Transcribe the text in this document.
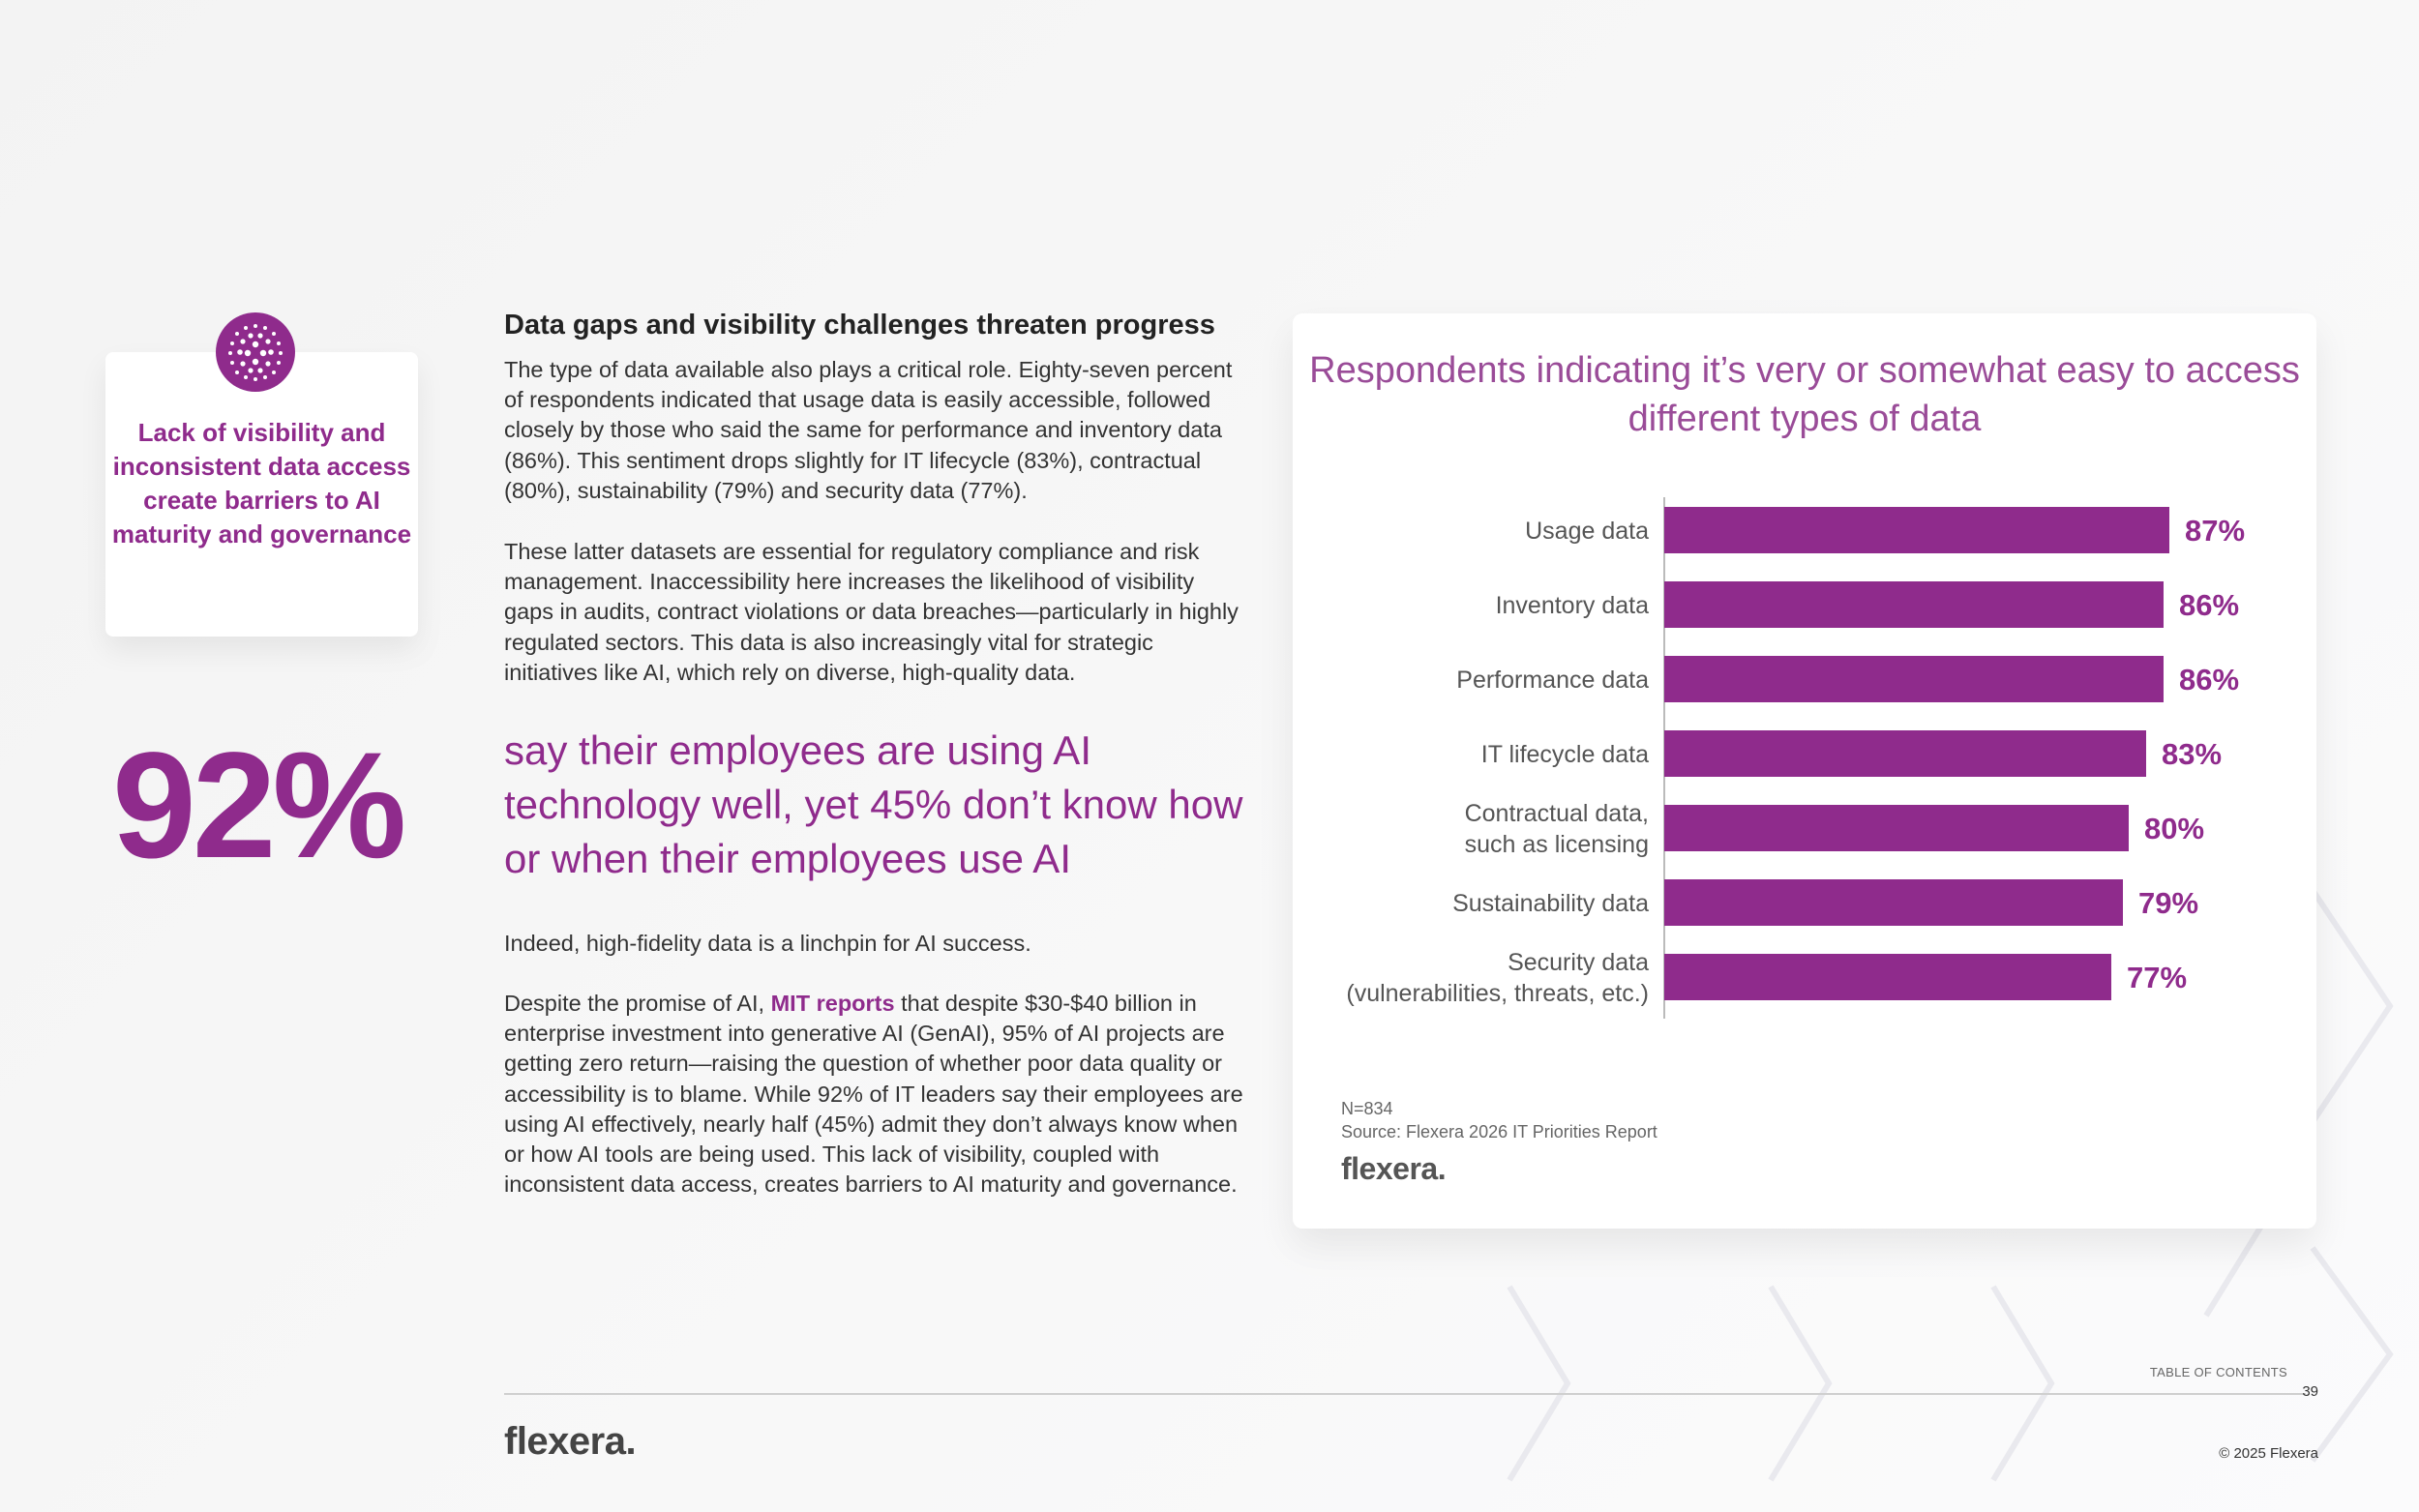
Lack of visibility and inconsistent data access create barriers to AI maturity and governance
92%
Data gaps and visibility challenges threaten progress

The type of data available also plays a critical role. Eighty-seven percent of respondents indicated that usage data is easily accessible, followed closely by those who said the same for performance and inventory data (86%). This sentiment drops slightly for IT lifecycle (83%), contractual (80%), sustainability (79%) and security data (77%).

These latter datasets are essential for regulatory compliance and risk management. Inaccessibility here increases the likelihood of visibility gaps in audits, contract violations or data breaches—particularly in highly regulated sectors. This data is also increasingly vital for strategic initiatives like AI, which rely on diverse, high-quality data.

say their employees are using AI technology well, yet 45% don’t know how or when their employees use AI

Indeed, high-fidelity data is a linchpin for AI success.

Despite the promise of AI, MIT reports that despite $30-$40 billion in enterprise investment into generative AI (GenAI), 95% of AI projects are getting zero return—raising the question of whether poor data quality or accessibility is to blame. While 92% of IT leaders say their employees are using AI effectively, nearly half (45%) admit they don’t always know when or how AI tools are being used. This lack of visibility, coupled with inconsistent data access, creates barriers to AI maturity and governance.

Respondents indicating it’s very or somewhat easy to access different types of data
87%
Usage data
86%
Inventory data
86%
Performance data
83%
IT lifecycle data
80%
Contractual data, such as licensing
79%
Sustainability data
77%
Security data (vulnerabilities, threats, etc.)
N=834
Source: Flexera 2026 IT Priorities Report
flexera.
TABLE OF CONTENTS
39
flexera.	© 2025 Flexera
